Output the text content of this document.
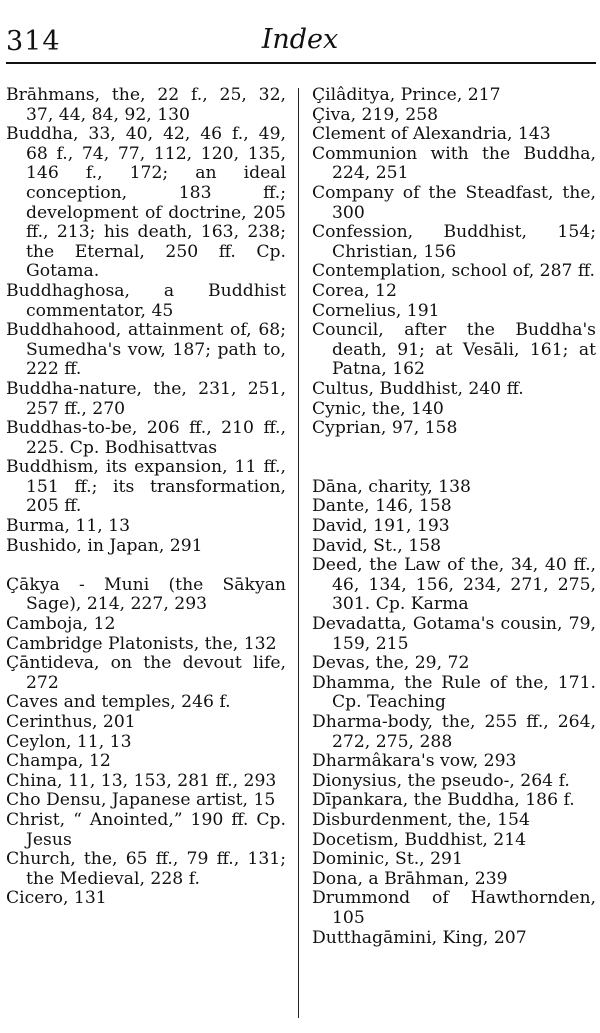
314	Index

Brāhmans, the, 22 f., 25, 32, 37, 44, 84, 92, 130

Buddha, 33, 40, 42, 46 f., 49, 68 f., 74, 77, 112, 120, 135, 146 f., 172; an ideal conception, 183 ff.; development of doctrine, 205 ff., 213; his death, 163, 238; the Eternal, 250 ff. Cp. Gotama.

Buddhaghosa, a Buddhist commentator, 45

Buddhahood, attainment of, 68; Sumedha's vow, 187; path to, 222 ff.

Buddha-nature, the, 231, 251, 257 ff., 270

Buddhas-to-be, 206 ff., 210 ff., 225. Cp. Bodhisattvas

Buddhism, its expansion, 11 ff., 151 ff.; its transformation, 205 ff.

Burma, 11, 13

Bushido, in Japan, 291

Çākya - Muni (the Sākyan Sage), 214, 227, 293

Camboja, 12

Cambridge Platonists, the, 132

Çāntideva, on the devout life, 272

Caves and temples, 246 f.

Cerinthus, 201

Ceylon, 11, 13

Champa, 12

China, 11, 13, 153, 281 ff., 293

Cho Densu, Japanese artist, 15

Christ, “ Anointed,” 190 ff. Cp. Jesus

Church, the, 65 ff., 79 ff., 131; the Medieval, 228 f.

Cicero, 131

Çilâditya, Prince, 217

Çiva, 219, 258

Clement of Alexandria, 143

Communion with the Buddha, 224, 251

Company of the Steadfast, the, 300

Confession, Buddhist, 154; Christian, 156

Contemplation, school of, 287 ff.

Corea, 12

Cornelius, 191

Council, after the Buddha's death, 91; at Vesāli, 161; at Patna, 162

Cultus, Buddhist, 240 ff.

Cynic, the, 140

Cyprian, 97, 158

Dāna, charity, 138

Dante, 146, 158

David, 191, 193

David, St., 158

Deed, the Law of the, 34, 40 ff., 46, 134, 156, 234, 271, 275, 301. Cp. Karma

Devadatta, Gotama's cousin, 79, 159, 215

Devas, the, 29, 72

Dhamma, the Rule of the, 171. Cp. Teaching

Dharma-body, the, 255 ff., 264, 272, 275, 288

Dharmâkara's vow, 293

Dionysius, the pseudo-, 264 f.

Dīpankara, the Buddha, 186 f.

Disburdenment, the, 154

Docetism, Buddhist, 214

Dominic, St., 291

Dona, a Brāhman, 239

Drummond of Hawthornden, 105

Dutthagāmini, King, 207
